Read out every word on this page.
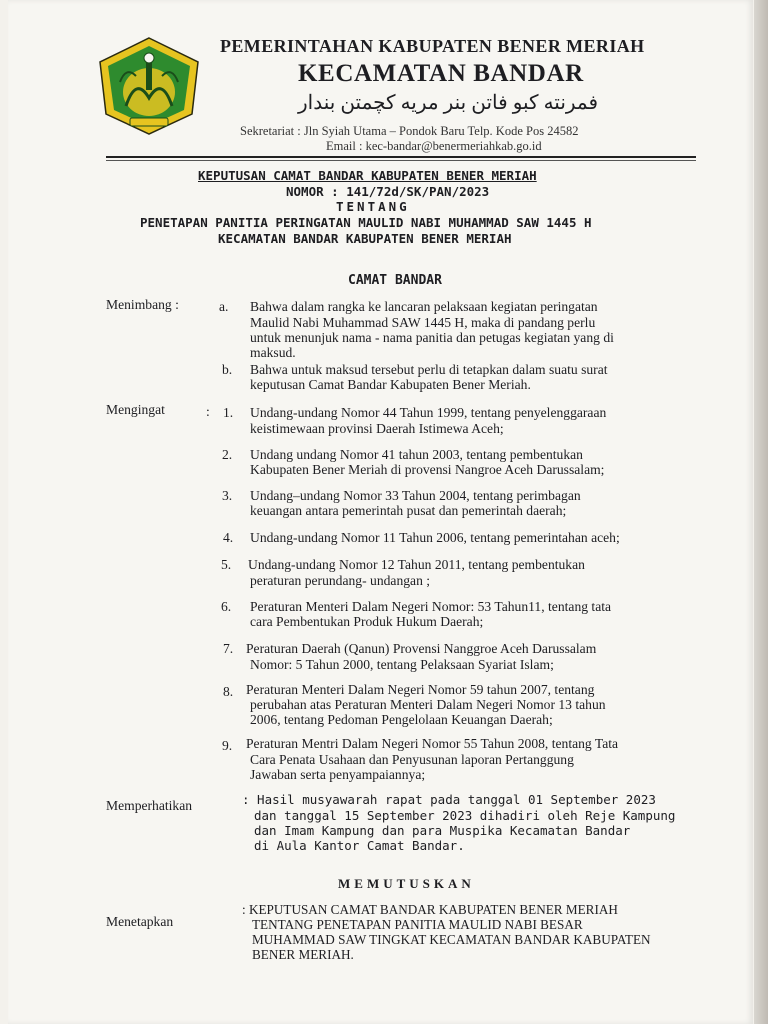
PEMERINTAHAN KABUPATEN BENER MERIAH
KECAMATAN BANDAR
فمرنته كبو فاتن بنر مريه كچمتن بندار
Sekretariat : Jln Syiah Utama – Pondok Baru Telp. Kode Pos 24582
Email : kec-bandar@benermeriahkab.go.id
KEPUTUSAN CAMAT BANDAR KABUPATEN BENER MERIAH
NOMOR : 141/72d/SK/PAN/2023
TENTANG
PENETAPAN PANITIA PERINGATAN MAULID NABI MUHAMMAD SAW 1445 H
KECAMATAN BANDAR KABUPATEN BENER MERIAH
CAMAT BANDAR
Menimbang :	a. Bahwa dalam rangka ke lancaran pelaksaan kegiatan peringatan
Maulid Nabi Muhammad SAW 1445 H, maka di pandang perlu
untuk menunjuk nama - nama panitia dan petugas kegiatan yang di
maksud.
b. Bahwa untuk maksud tersebut perlu di tetapkan dalam suatu surat
keputusan Camat Bandar Kabupaten Bener Meriah.
Mengingat	: 1. Undang-undang Nomor 44 Tahun 1999, tentang penyelenggaraan
keistimewaan provinsi Daerah Istimewa Aceh;
2. Undang undang Nomor 41 tahun 2003, tentang pembentukan
Kabupaten Bener Meriah di provensi Nangroe Aceh Darussalam;
3. Undang–undang Nomor 33 Tahun 2004, tentang perimbagan
keuangan antara pemerintah pusat dan pemerintah daerah;
4. Undang-undang Nomor 11 Tahun 2006, tentang pemerintahan aceh;
5. Undang-undang Nomor 12 Tahun 2011, tentang pembentukan
peraturan perundang- undangan ;
6. Peraturan Menteri Dalam Negeri Nomor: 53 Tahun11, tentang tata
cara Pembentukan Produk Hukum Daerah;
7. Peraturan Daerah (Qanun) Provensi Nanggroe Aceh Darussalam
Nomor: 5 Tahun 2000, tentang Pelaksaan Syariat Islam;
8. Peraturan Menteri Dalam Negeri Nomor 59 tahun 2007, tentang
perubahan atas Peraturan Menteri Dalam Negeri Nomor 13 tahun
2006, tentang Pedoman Pengelolaan Keuangan Daerah;
9. Peraturan Mentri Dalam Negeri Nomor 55 Tahun 2008, tentang Tata
Cara Penata Usahaan dan Penyusunan laporan Pertanggung
Jawaban serta penyampaiannya;
Memperhatikan	: Hasil musyawarah rapat pada tanggal 01 September 2023
dan tanggal 15 September 2023 dihadiri oleh Reje Kampung
dan Imam Kampung dan para Muspika Kecamatan Bandar
di Aula Kantor Camat Bandar.
MEMUTUSKAN
Menetapkan
: KEPUTUSAN CAMAT BANDAR KABUPATEN BENER MERIAH
TENTANG PENETAPAN PANITIA MAULID NABI BESAR
MUHAMMAD SAW TINGKAT KECAMATAN BANDAR KABUPATEN
BENER MERIAH.
